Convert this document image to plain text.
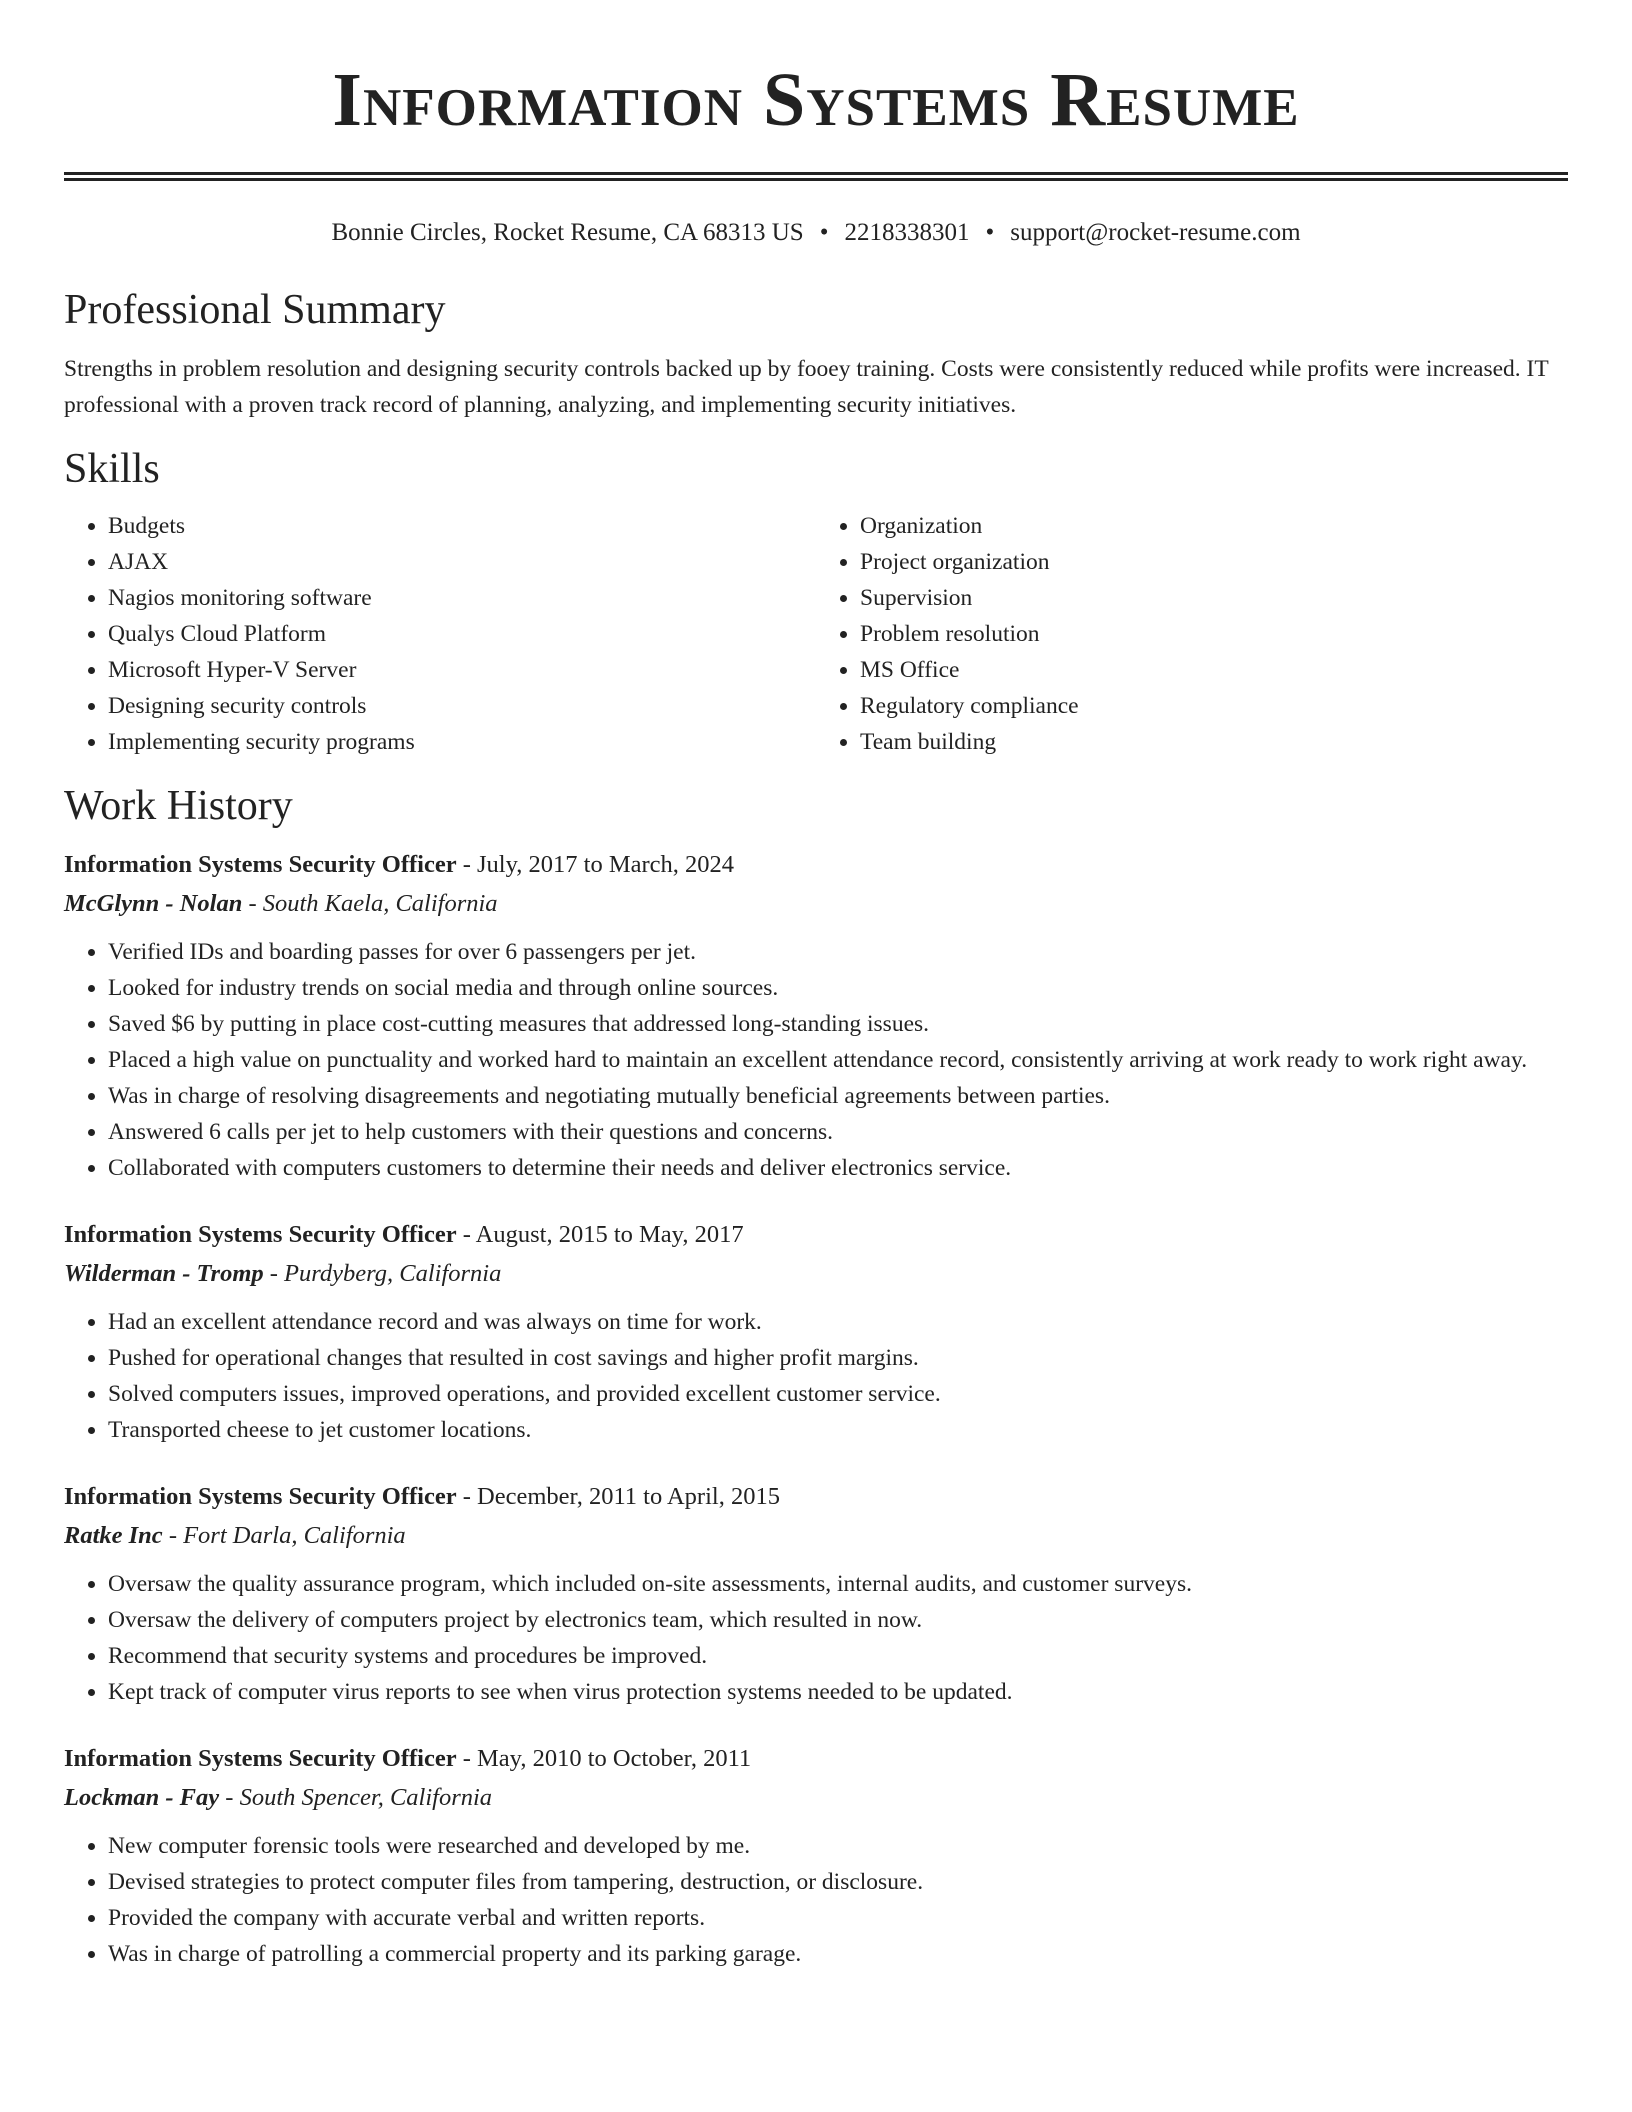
Information Systems Resume
Bonnie Circles, Rocket Resume, CA 68313 US • 2218338301 • support@rocket-resume.com
Professional Summary

Strengths in problem resolution and designing security controls backed up by fooey training. Costs were consistently reduced while profits were increased. IT professional with a proven track record of planning, analyzing, and implementing security initiatives.

Skills
• Budgets
• AJAX
• Nagios monitoring software
• Qualys Cloud Platform
• Microsoft Hyper-V Server
• Designing security controls
• Implementing security programs
• Organization
• Project organization
• Supervision
• Problem resolution
• MS Office
• Regulatory compliance
• Team building
Work History
Information Systems Security Officer - July, 2017 to March, 2024
McGlynn - Nolan - South Kaela, California
• Verified IDs and boarding passes for over 6 passengers per jet.
• Looked for industry trends on social media and through online sources.
• Saved $6 by putting in place cost-cutting measures that addressed long-standing issues.
• Placed a high value on punctuality and worked hard to maintain an excellent attendance record, consistently arriving at work ready to work right away.
• Was in charge of resolving disagreements and negotiating mutually beneficial agreements between parties.
• Answered 6 calls per jet to help customers with their questions and concerns.
• Collaborated with computers customers to determine their needs and deliver electronics service.
Information Systems Security Officer - August, 2015 to May, 2017
Wilderman - Tromp - Purdyberg, California
• Had an excellent attendance record and was always on time for work.
• Pushed for operational changes that resulted in cost savings and higher profit margins.
• Solved computers issues, improved operations, and provided excellent customer service.
• Transported cheese to jet customer locations.
Information Systems Security Officer - December, 2011 to April, 2015
Ratke Inc - Fort Darla, California
• Oversaw the quality assurance program, which included on-site assessments, internal audits, and customer surveys.
• Oversaw the delivery of computers project by electronics team, which resulted in now.
• Recommend that security systems and procedures be improved.
• Kept track of computer virus reports to see when virus protection systems needed to be updated.
Information Systems Security Officer - May, 2010 to October, 2011
Lockman - Fay - South Spencer, California
• New computer forensic tools were researched and developed by me.
• Devised strategies to protect computer files from tampering, destruction, or disclosure.
• Provided the company with accurate verbal and written reports.
• Was in charge of patrolling a commercial property and its parking garage.
